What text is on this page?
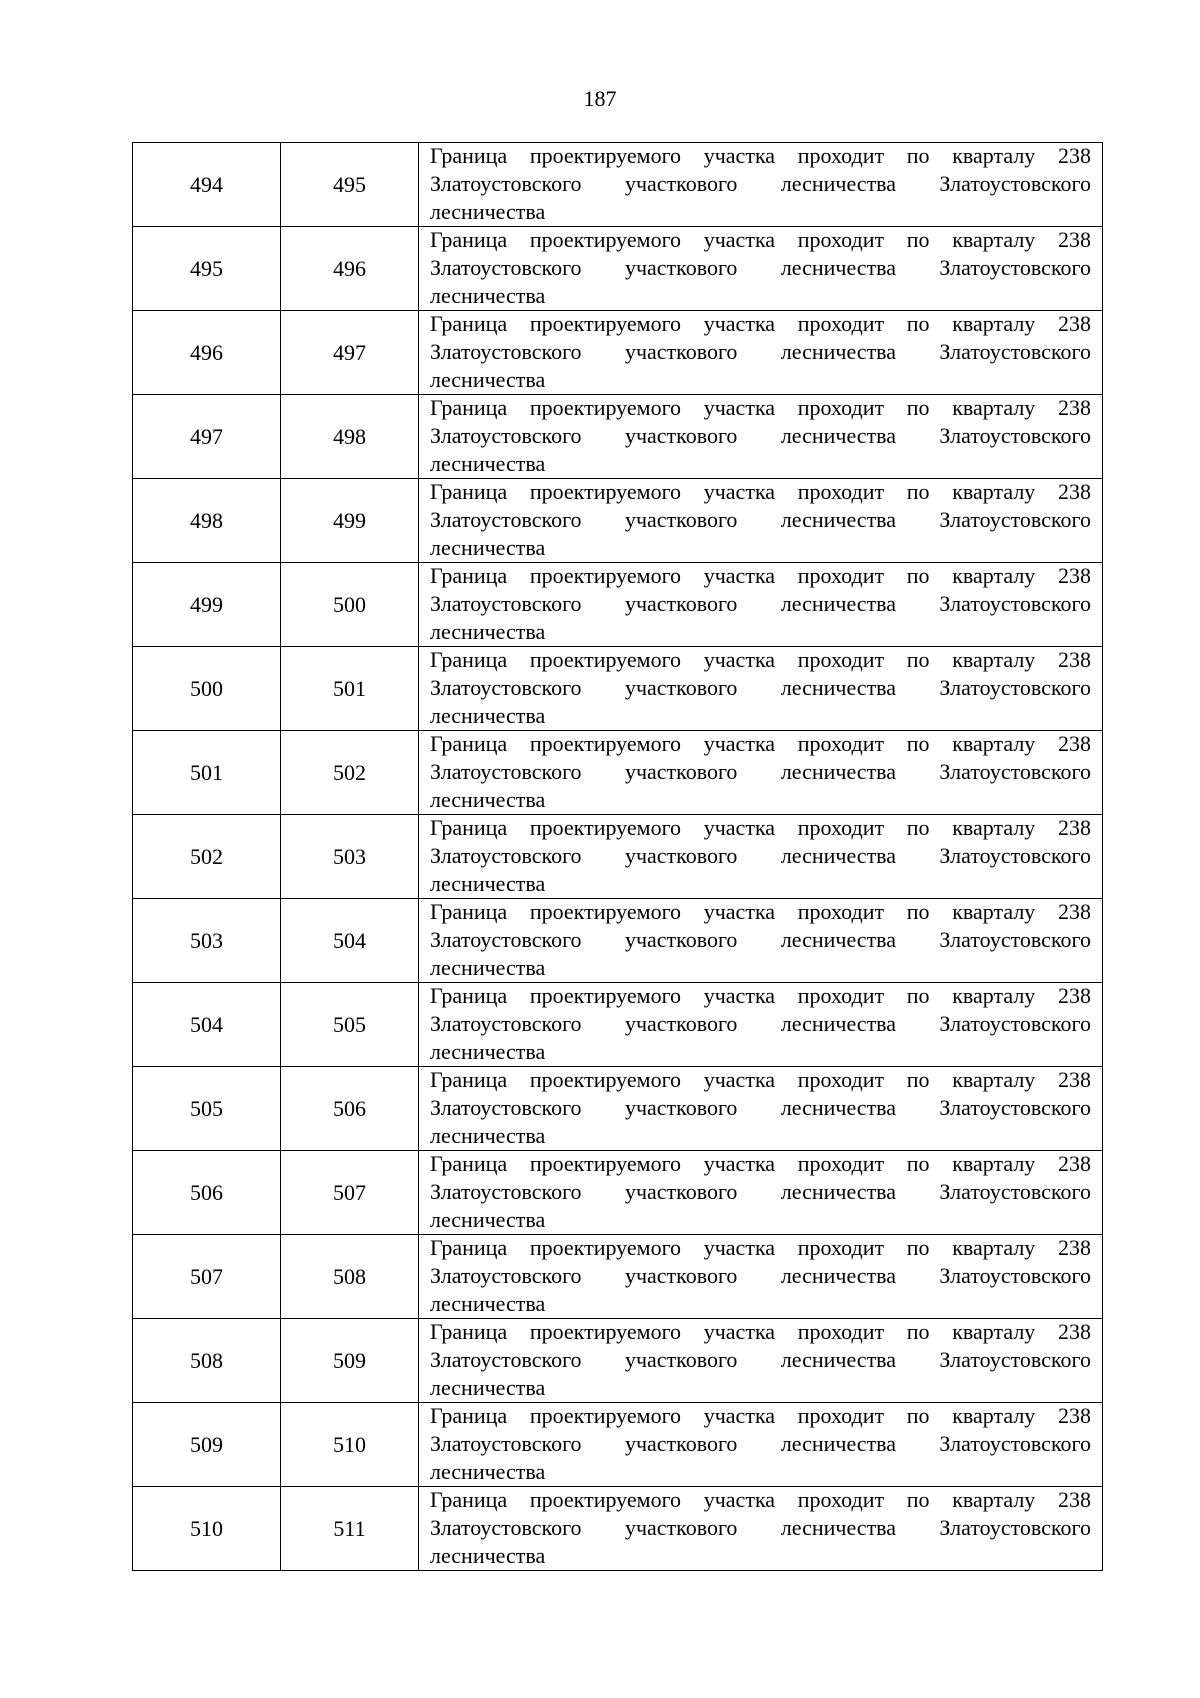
187
494	495	Граница проектируемого участка проходит по кварталу 238 Златоустовского участкового лесничества Златоустовского лесничества

495	496	Граница проектируемого участка проходит по кварталу 238 Златоустовского участкового лесничества Златоустовского лесничества

496	497	Граница проектируемого участка проходит по кварталу 238 Златоустовского участкового лесничества Златоустовского лесничества

497	498	Граница проектируемого участка проходит по кварталу 238 Златоустовского участкового лесничества Златоустовского лесничества

498	499	Граница проектируемого участка проходит по кварталу 238 Златоустовского участкового лесничества Златоустовского лесничества

499	500	Граница проектируемого участка проходит по кварталу 238 Златоустовского участкового лесничества Златоустовского лесничества

500	501	Граница проектируемого участка проходит по кварталу 238 Златоустовского участкового лесничества Златоустовского лесничества

501	502	Граница проектируемого участка проходит по кварталу 238 Златоустовского участкового лесничества Златоустовского лесничества

502	503	Граница проектируемого участка проходит по кварталу 238 Златоустовского участкового лесничества Златоустовского лесничества

503	504	Граница проектируемого участка проходит по кварталу 238 Златоустовского участкового лесничества Златоустовского лесничества

504	505	Граница проектируемого участка проходит по кварталу 238 Златоустовского участкового лесничества Златоустовского лесничества

505	506	Граница проектируемого участка проходит по кварталу 238 Златоустовского участкового лесничества Златоустовского лесничества

506	507	Граница проектируемого участка проходит по кварталу 238 Златоустовского участкового лесничества Златоустовского лесничества

507	508	Граница проектируемого участка проходит по кварталу 238 Златоустовского участкового лесничества Златоустовского лесничества

508	509	Граница проектируемого участка проходит по кварталу 238 Златоустовского участкового лесничества Златоустовского лесничества

509	510	Граница проектируемого участка проходит по кварталу 238 Златоустовского участкового лесничества Златоустовского лесничества

510	511	Граница проектируемого участка проходит по кварталу 238 Златоустовского участкового лесничества Златоустовского лесничества
